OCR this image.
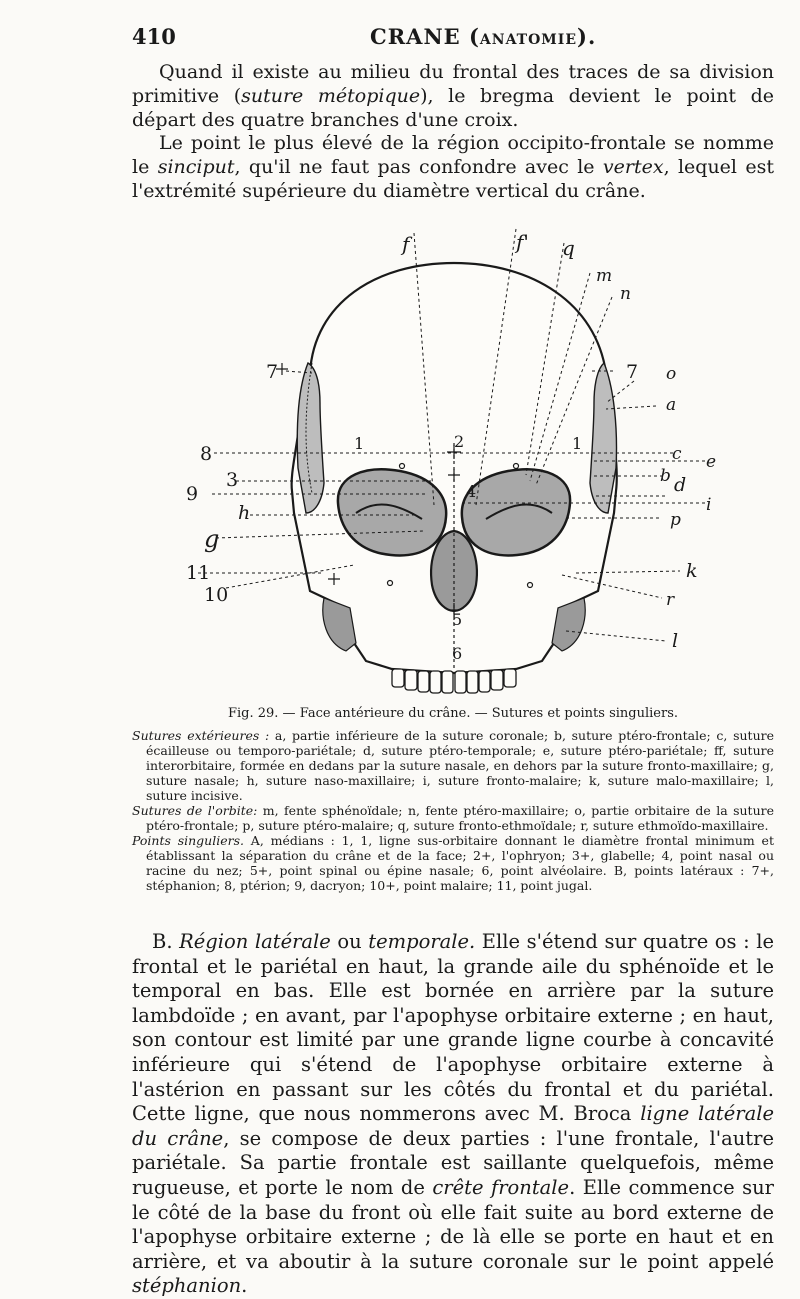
410	CRANE (ANATOMIE).

Quand il existe au milieu du frontal des traces de sa division primitive (suture métopique), le bregma devient le point de départ des quatre branches d'une croix.

Le point le plus élevé de la région occipito-frontale se nomme le sinciput, qu'il ne faut pas confondre avec le vertex, lequel est l'extrémité supérieure du diamètre vertical du crâne.

f	f' q
m
n
o
a
c e
b d
i
p
k
r
l
h
g
7	7
8
3
9
11
10
1	1
2
4
5
6
Fig. 29. — Face antérieure du crâne. — Sutures et points singuliers.

Sutures extérieures : a, partie inférieure de la suture coronale; b, suture ptéro-frontale; c, suture écailleuse ou temporo-pariétale; d, suture ptéro-temporale; e, suture ptéro-pariétale; ff, suture interorbitaire, formée en dedans par la suture nasale, en dehors par la suture fronto-maxillaire; g, suture nasale; h, suture naso-maxillaire; i, suture fronto-malaire; k, suture malo-maxillaire; l, suture incisive.

Sutures de l'orbite: m, fente sphénoïdale; n, fente ptéro-maxillaire; o, partie orbitaire de la suture ptéro-frontale; p, suture ptéro-malaire; q, suture fronto-ethmoïdale; r, suture ethmoïdo-maxillaire.

Points singuliers. A, médians : 1, 1, ligne sus-orbitaire donnant le diamètre frontal minimum et établissant la séparation du crâne et de la face; 2+, l'ophryon; 3+, glabelle; 4, point nasal ou racine du nez; 5+, point spinal ou épine nasale; 6, point alvéolaire. B, points latéraux : 7+, stéphanion; 8, ptérion; 9, dacryon; 10+, point malaire; 11, point jugal.

B. Région latérale ou temporale. Elle s'étend sur quatre os : le frontal et le pariétal en haut, la grande aile du sphénoïde et le temporal en bas. Elle est bornée en arrière par la suture lambdoïde ; en avant, par l'apophyse orbitaire externe ; en haut, son contour est limité par une grande ligne courbe à concavité inférieure qui s'étend de l'apophyse orbitaire externe à l'astérion en passant sur les côtés du frontal et du pariétal. Cette ligne, que nous nommerons avec M. Broca ligne latérale du crâne, se compose de deux parties : l'une frontale, l'autre pariétale. Sa partie frontale est saillante quelquefois, même rugueuse, et porte le nom de crête frontale. Elle commence sur le côté de la base du front où elle fait suite au bord externe de l'apophyse orbitaire externe ; de là elle se porte en haut et en arrière, et va aboutir à la suture coronale sur le point appelé stéphanion.
